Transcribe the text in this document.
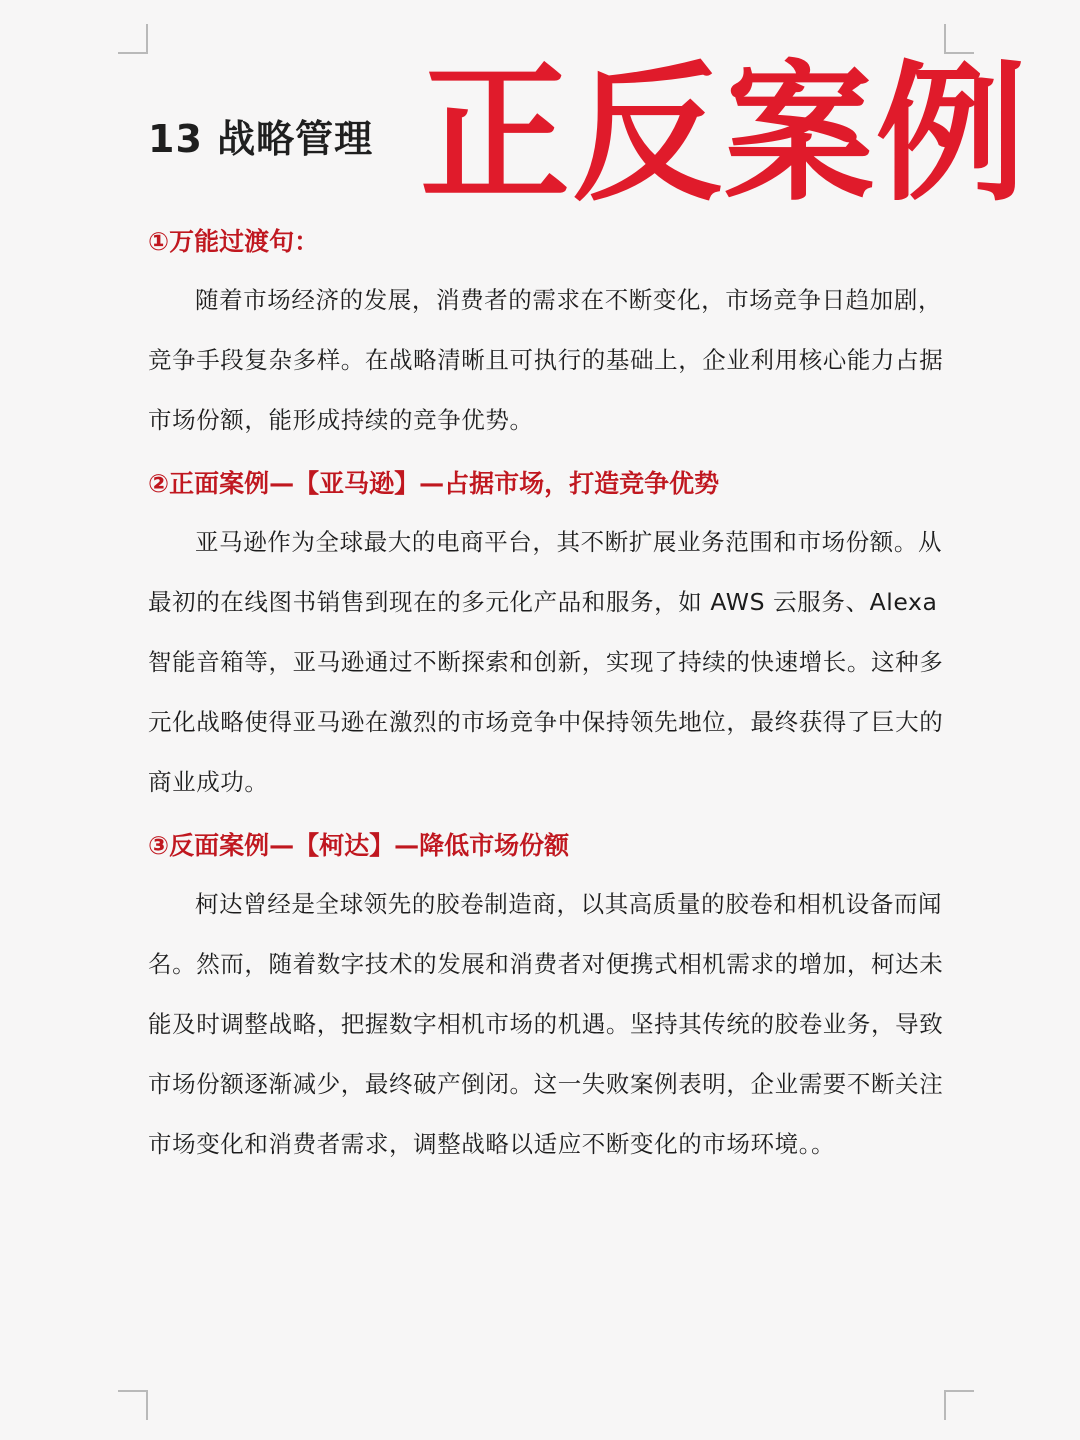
13 战略管理 正反案例

①万能过渡句：

随着市场经济的发展，消费者的需求在不断变化，市场竞争日趋加剧，竞争手段复杂多样。在战略清晰且可执行的基础上，企业利用核心能力占据市场份额，能形成持续的竞争优势。

②正面案例—【亚马逊】—占据市场，打造竞争优势

亚马逊作为全球最大的电商平台，其不断扩展业务范围和市场份额。从最初的在线图书销售到现在的多元化产品和服务，如 AWS 云服务、Alexa 智能音箱等，亚马逊通过不断探索和创新，实现了持续的快速增长。这种多元化战略使得亚马逊在激烈的市场竞争中保持领先地位，最终获得了巨大的商业成功。

③反面案例—【柯达】—降低市场份额

柯达曾经是全球领先的胶卷制造商，以其高质量的胶卷和相机设备而闻名。然而，随着数字技术的发展和消费者对便携式相机需求的增加，柯达未能及时调整战略，把握数字相机市场的机遇。坚持其传统的胶卷业务，导致市场份额逐渐减少，最终破产倒闭。这一失败案例表明，企业需要不断关注市场变化和消费者需求，调整战略以适应不断变化的市场环境。。
